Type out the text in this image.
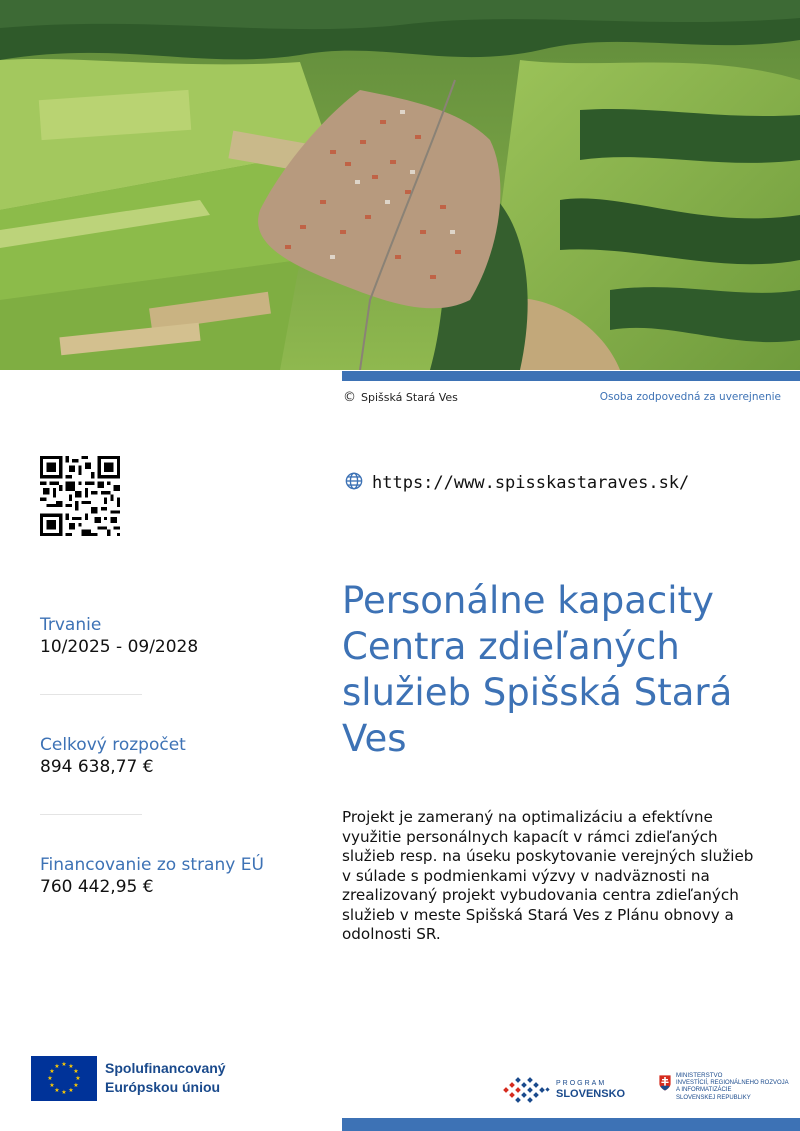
© Spišská Stará Ves	Osoba zodpovedná za uverejnenie
https://www.spisskastaraves.sk/
Trvanie
10/2025 - 09/2028
Celkový rozpočet
894 638,77 €
Financovanie zo strany EÚ
760 442,95 €
Personálne kapacity Centra zdieľaných služieb Spišská Stará Ves
Projekt je zameraný na optimalizáciu a efektívne využitie personálnych kapacít v rámci zdieľaných služieb resp. na úseku poskytovanie verejných služieb v súlade s podmienkami výzvy v nadväznosti na zrealizovaný projekt vybudovania centra zdieľaných služieb v meste Spišská Stará Ves z Plánu obnovy a odolnosti SR.
★ ★
★
★
★
★
★
★
★
★
★
★	Spolufinancovaný
Európskou úniou	PROGRAM
SLOVENSKO
MINISTERSTVO
INVESTÍCIÍ, REGIONÁLNEHO ROZVOJA
A INFORMATIZÁCIE
SLOVENSKEJ REPUBLIKY
